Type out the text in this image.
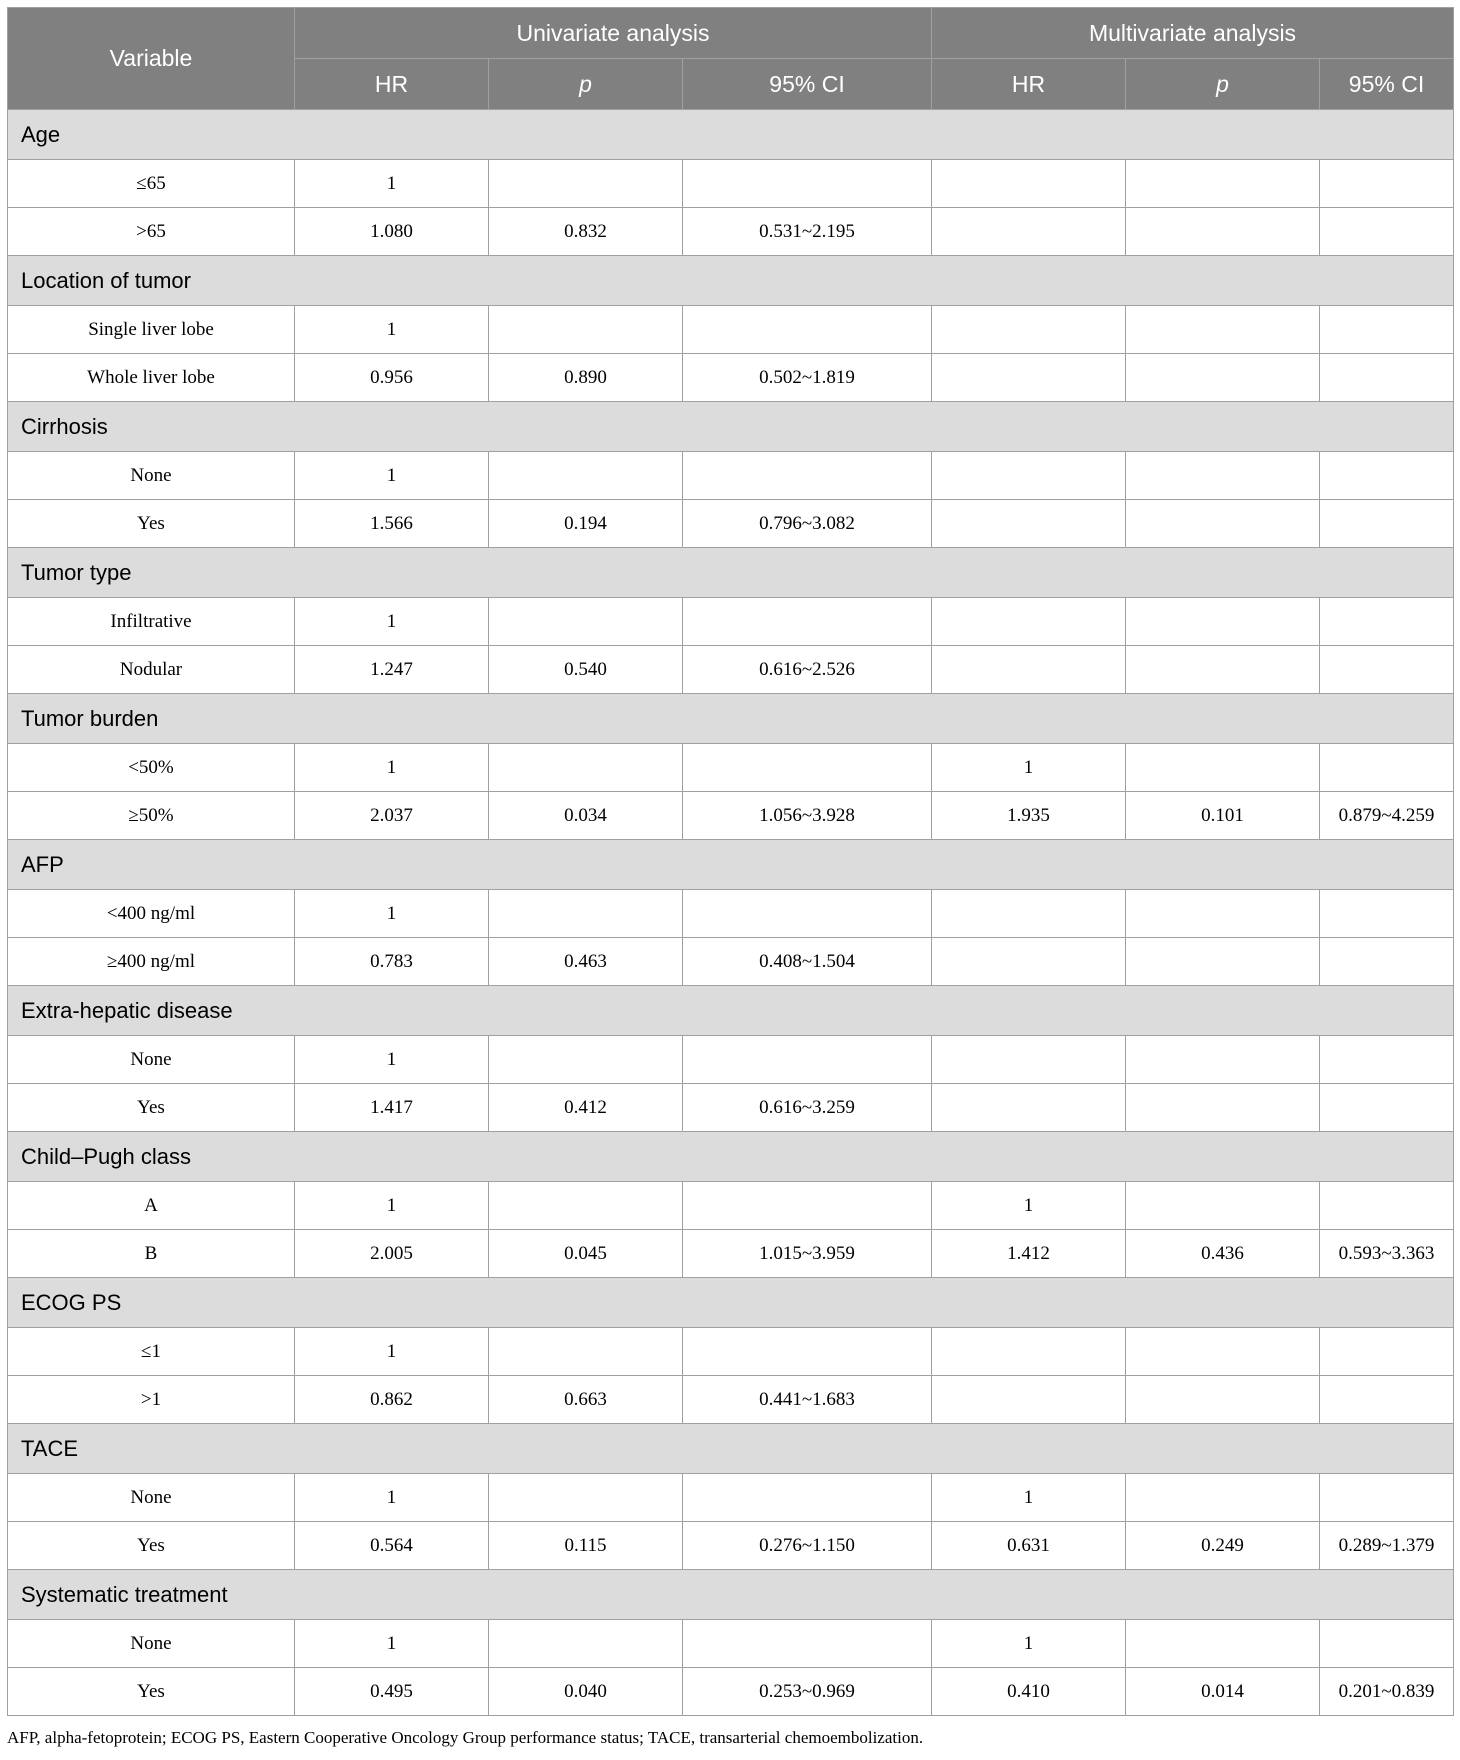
Variable	Univariate analysis			Multivariate analysis		
	HR	p	95% CI	HR	p	95% CI
Age						
≤65	1					
>65	1.080	0.832	0.531~2.195			
Location of tumor						
Single liver lobe	1					
Whole liver lobe	0.956	0.890	0.502~1.819			
Cirrhosis						
None	1					
Yes	1.566	0.194	0.796~3.082			
Tumor type						
Infiltrative	1					
Nodular	1.247	0.540	0.616~2.526			
Tumor burden						
<50%	1			1		
≥50%	2.037	0.034	1.056~3.928	1.935	0.101	0.879~4.259
AFP						
<400 ng/ml	1					
≥400 ng/ml	0.783	0.463	0.408~1.504			
Extra-hepatic disease						
None	1					
Yes	1.417	0.412	0.616~3.259			
Child–Pugh class						
A	1			1		
B	2.005	0.045	1.015~3.959	1.412	0.436	0.593~3.363
ECOG PS						
≤1	1					
>1	0.862	0.663	0.441~1.683			
TACE						
None	1			1		
Yes	0.564	0.115	0.276~1.150	0.631	0.249	0.289~1.379
Systematic treatment						
None	1			1		
Yes	0.495	0.040	0.253~0.969	0.410	0.014	0.201~0.839
AFP, alpha-fetoprotein; ECOG PS, Eastern Cooperative Oncology Group performance status; TACE, transarterial chemoembolization.
